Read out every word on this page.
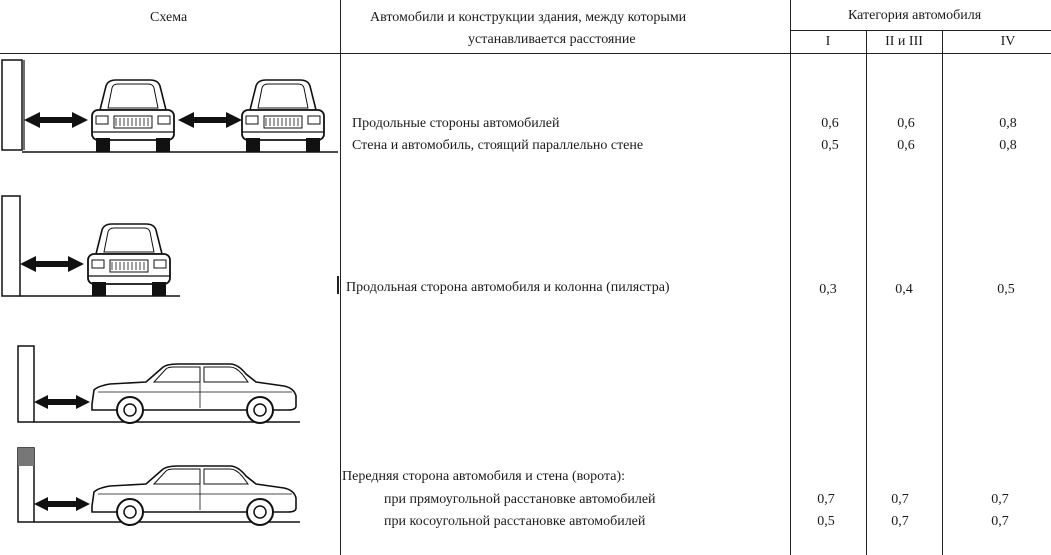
Схема	Автомобили и конструкции здания, между которыми
устанавливается расстояние
Категория автомобиля
I	II и III	IV
Продольные стороны автомобилей	0,6	0,6	0,8
Стена и автомобиль, стоящий параллельно стене	0,5	0,6	0,8
Продольная сторона автомобиля и колонна (пилястра)	0,3	0,4	0,5
Передняя сторона автомобиля и стена (ворота):
при прямоугольной расстановке автомобилей	0,7	0,7	0,7
при косоугольной расстановке автомобилей	0,5	0,7	0,7
